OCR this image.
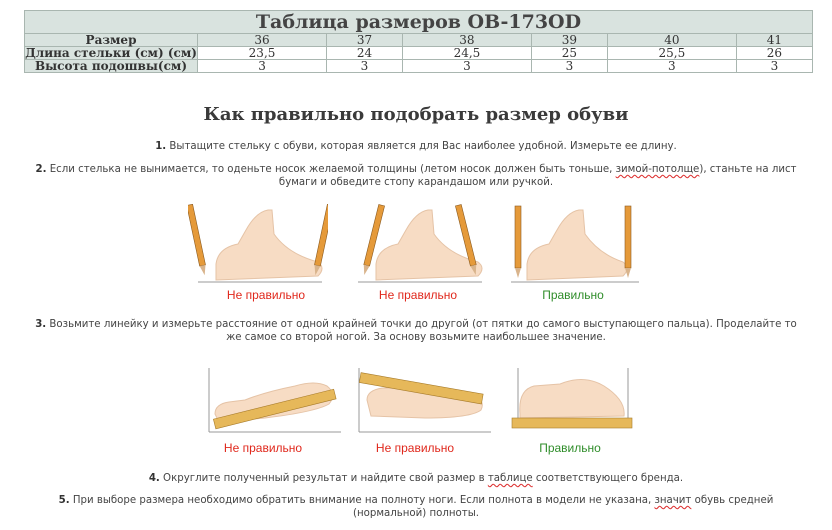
Таблица размеров OB-173OD						
Размер	36	37	38	39	40	41
Длина стельки (см) (см)	23,5	24	24,5	25	25,5	26
Высота подошвы(см)	3	3	3	3	3	3
Как правильно подобрать размер обуви
1. Вытащите стельку с обуви, которая является для Вас наиболее удобной. Измерьте ее длину.
2. Если стелька не вынимается, то оденьте носок желаемой толщины (летом носок должен быть тоньше, зимой-потолще), станьте на лист бумаги и обведите стопу карандашом или ручкой.
Не правильно	Не правильно	Правильно
3. Возьмите линейку и измерьте расстояние от одной крайней точки до другой (от пятки до самого выступающего пальца). Проделайте то же самое со второй ногой. За основу возьмите наибольшее значение.
Не правильно	Не правильно	Правильно
4. Округлите полученный результат и найдите свой размер в таблице соответствующего бренда.
5. При выборе размера необходимо обратить внимание на полноту ноги. Если полнота в модели не указана, значит обувь средней (нормальной) полноты.
